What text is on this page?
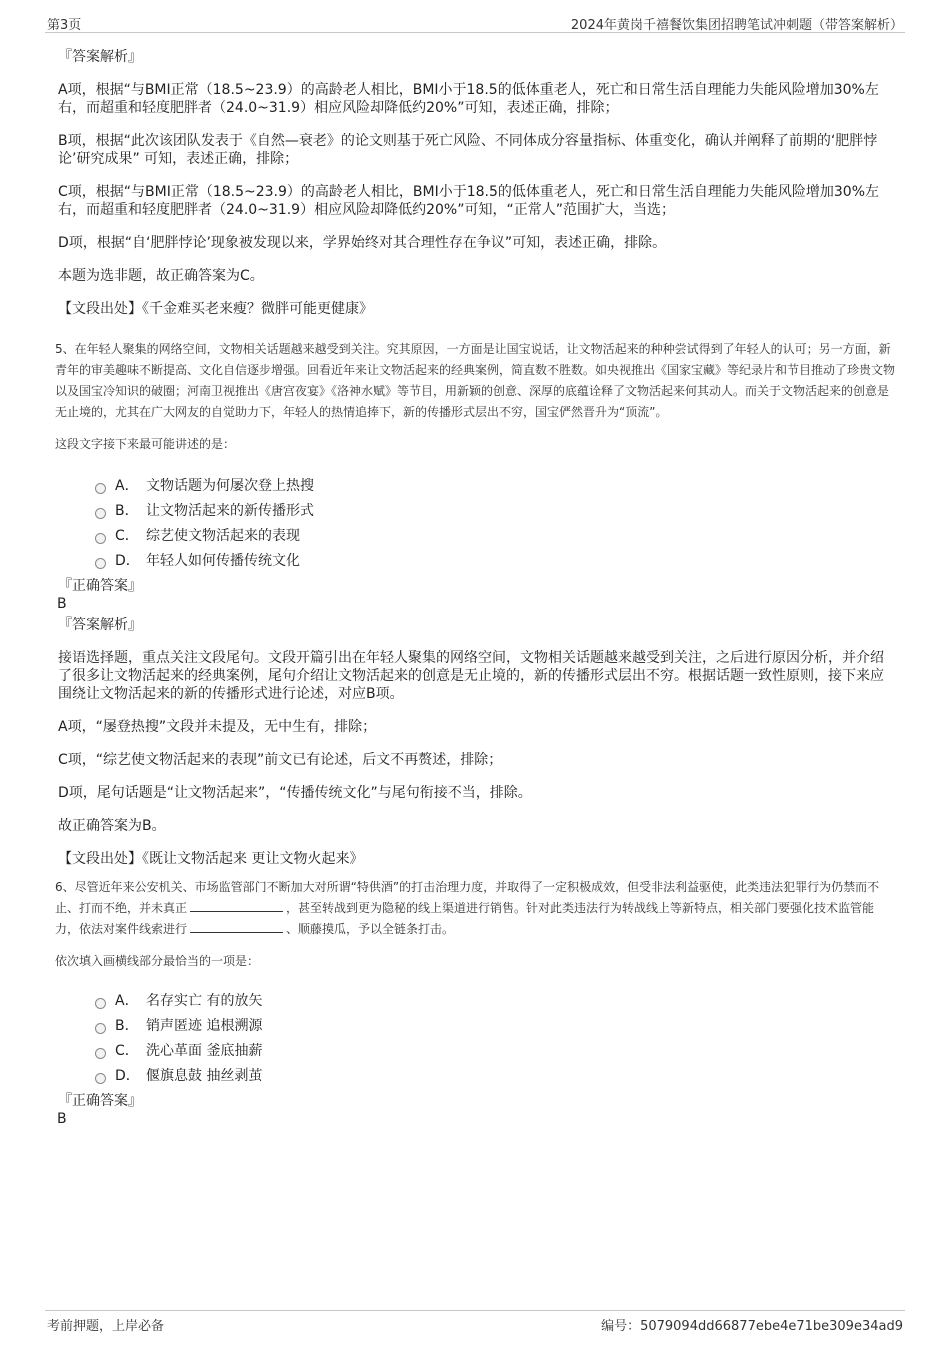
第3页	2024年黄岗千禧餐饮集团招聘笔试冲刺题（带答案解析）
『答案解析』
A项，根据“与BMI正常（18.5~23.9）的高龄老人相比，BMI小于18.5的低体重老人，死亡和日常生活自理能力失能风险增加30%左右，而超重和轻度肥胖者（24.0~31.9）相应风险却降低约20%”可知，表述正确，排除；
B项，根据“此次该团队发表于《自然—衰老》的论文则基于死亡风险、不同体成分容量指标、体重变化，确认并阐释了前期的‘肥胖悖论’研究成果” 可知，表述正确，排除；
C项，根据“与BMI正常（18.5~23.9）的高龄老人相比，BMI小于18.5的低体重老人，死亡和日常生活自理能力失能风险增加30%左右，而超重和轻度肥胖者（24.0~31.9）相应风险却降低约20%”可知，“正常人”范围扩大，当选；
D项，根据“自‘肥胖悖论’现象被发现以来，学界始终对其合理性存在争议”可知，表述正确，排除。
本题为选非题，故正确答案为C。
【文段出处】《千金难买老来瘦？微胖可能更健康》
5、在年轻人聚集的网络空间，文物相关话题越来越受到关注。究其原因，一方面是让国宝说话，让文物活起来的种种尝试得到了年轻人的认可；另一方面，新青年的审美趣味不断提高、文化自信逐步增强。回看近年来让文物活起来的经典案例，简直数不胜数。如央视推出《国家宝藏》等纪录片和节目推动了珍贵文物以及国宝冷知识的破圈；河南卫视推出《唐宫夜宴》《洛神水赋》等节目，用新颖的创意、深厚的底蕴诠释了文物活起来何其动人。而关于文物活起来的创意是无止境的，尤其在广大网友的自觉助力下，年轻人的热情追捧下，新的传播形式层出不穷，国宝俨然晋升为“顶流”。
这段文字接下来最可能讲述的是：
A． 文物话题为何屡次登上热搜
B． 让文物活起来的新传播形式
C． 综艺使文物活起来的表现
D． 年轻人如何传播传统文化
『正确答案』
B
『答案解析』
接语选择题，重点关注文段尾句。文段开篇引出在年轻人聚集的网络空间，文物相关话题越来越受到关注，之后进行原因分析，并介绍了很多让文物活起来的经典案例，尾句介绍让文物活起来的创意是无止境的，新的传播形式层出不穷。根据话题一致性原则，接下来应围绕让文物活起来的新的传播形式进行论述，对应B项。
A项，“屡登热搜”文段并未提及，无中生有，排除；
C项，“综艺使文物活起来的表现”前文已有论述，后文不再赘述，排除；
D项，尾句话题是“让文物活起来”，“传播传统文化”与尾句衔接不当，排除。
故正确答案为B。
【文段出处】《既让文物活起来 更让文物火起来》
6、尽管近年来公安机关、市场监管部门不断加大对所谓“特供酒”的打击治理力度，并取得了一定积极成效，但受非法利益驱使，此类违法犯罪行为仍禁而不止、打而不绝，并未真正	，甚至转战到更为隐秘的线上渠道进行销售。针对此类违法行为转战线上等新特点，相关部门要强化技术监管能力，依法对案件线索进行	、顺藤摸瓜，予以全链条打击。
依次填入画横线部分最恰当的一项是：
A． 名存实亡 有的放矢
B． 销声匿迹 追根溯源
C． 洗心革面 釜底抽薪
D． 偃旗息鼓 抽丝剥茧
『正确答案』
B
考前押题，上岸必备	编号：5079094dd66877ebe4e71be309e34ad9
